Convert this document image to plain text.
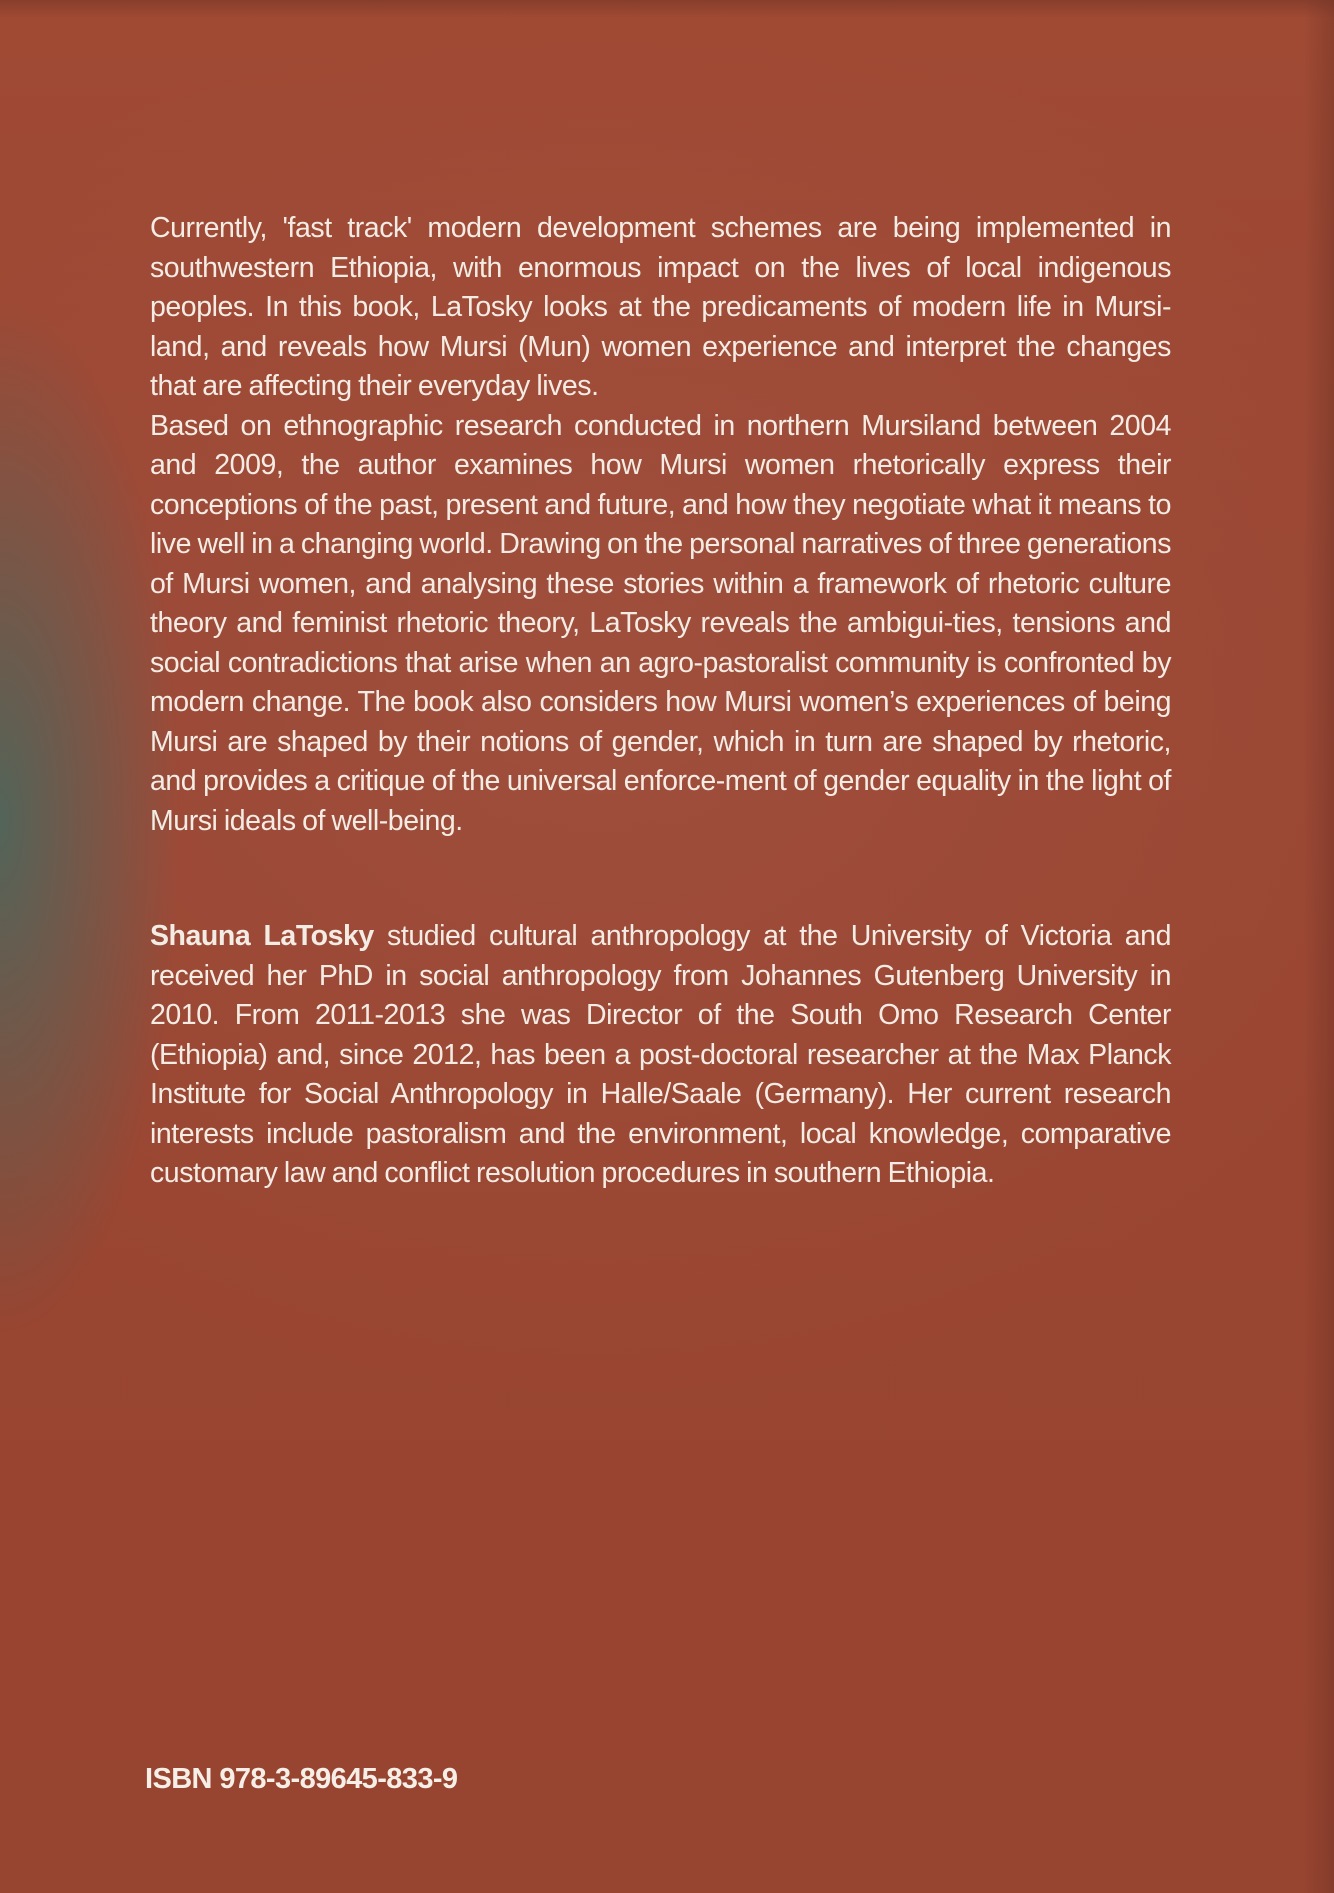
Currently, 'fast track' modern development schemes are being implemented in southwestern Ethiopia, with enormous impact on the lives of local indigenous peoples. In this book, LaTosky looks at the predicaments of modern life in Mursi-land, and reveals how Mursi (Mun) women experience and interpret the changes that are affecting their everyday lives.

Based on ethnographic research conducted in northern Mursiland between 2004 and 2009, the author examines how Mursi women rhetorically express their conceptions of the past, present and future, and how they negotiate what it means to live well in a changing world. Drawing on the personal narratives of three generations of Mursi women, and analysing these stories within a framework of rhetoric culture theory and feminist rhetoric theory, LaTosky reveals the ambigui-ties, tensions and social contradictions that arise when an agro-pastoralist community is confronted by modern change. The book also considers how Mursi women’s experiences of being Mursi are shaped by their notions of gender, which in turn are shaped by rhetoric, and provides a critique of the universal enforce-ment of gender equality in the light of Mursi ideals of well-being.

Shauna LaTosky studied cultural anthropology at the University of Victoria and received her PhD in social anthropology from Johannes Gutenberg University in 2010. From 2011-2013 she was Director of the South Omo Research Center (Ethiopia) and, since 2012, has been a post-doctoral researcher at the Max Planck Institute for Social Anthropology in Halle/Saale (Germany). Her current research interests include pastoralism and the environment, local knowledge, comparative customary law and conflict resolution procedures in southern Ethiopia.

ISBN 978-3-89645-833-9
